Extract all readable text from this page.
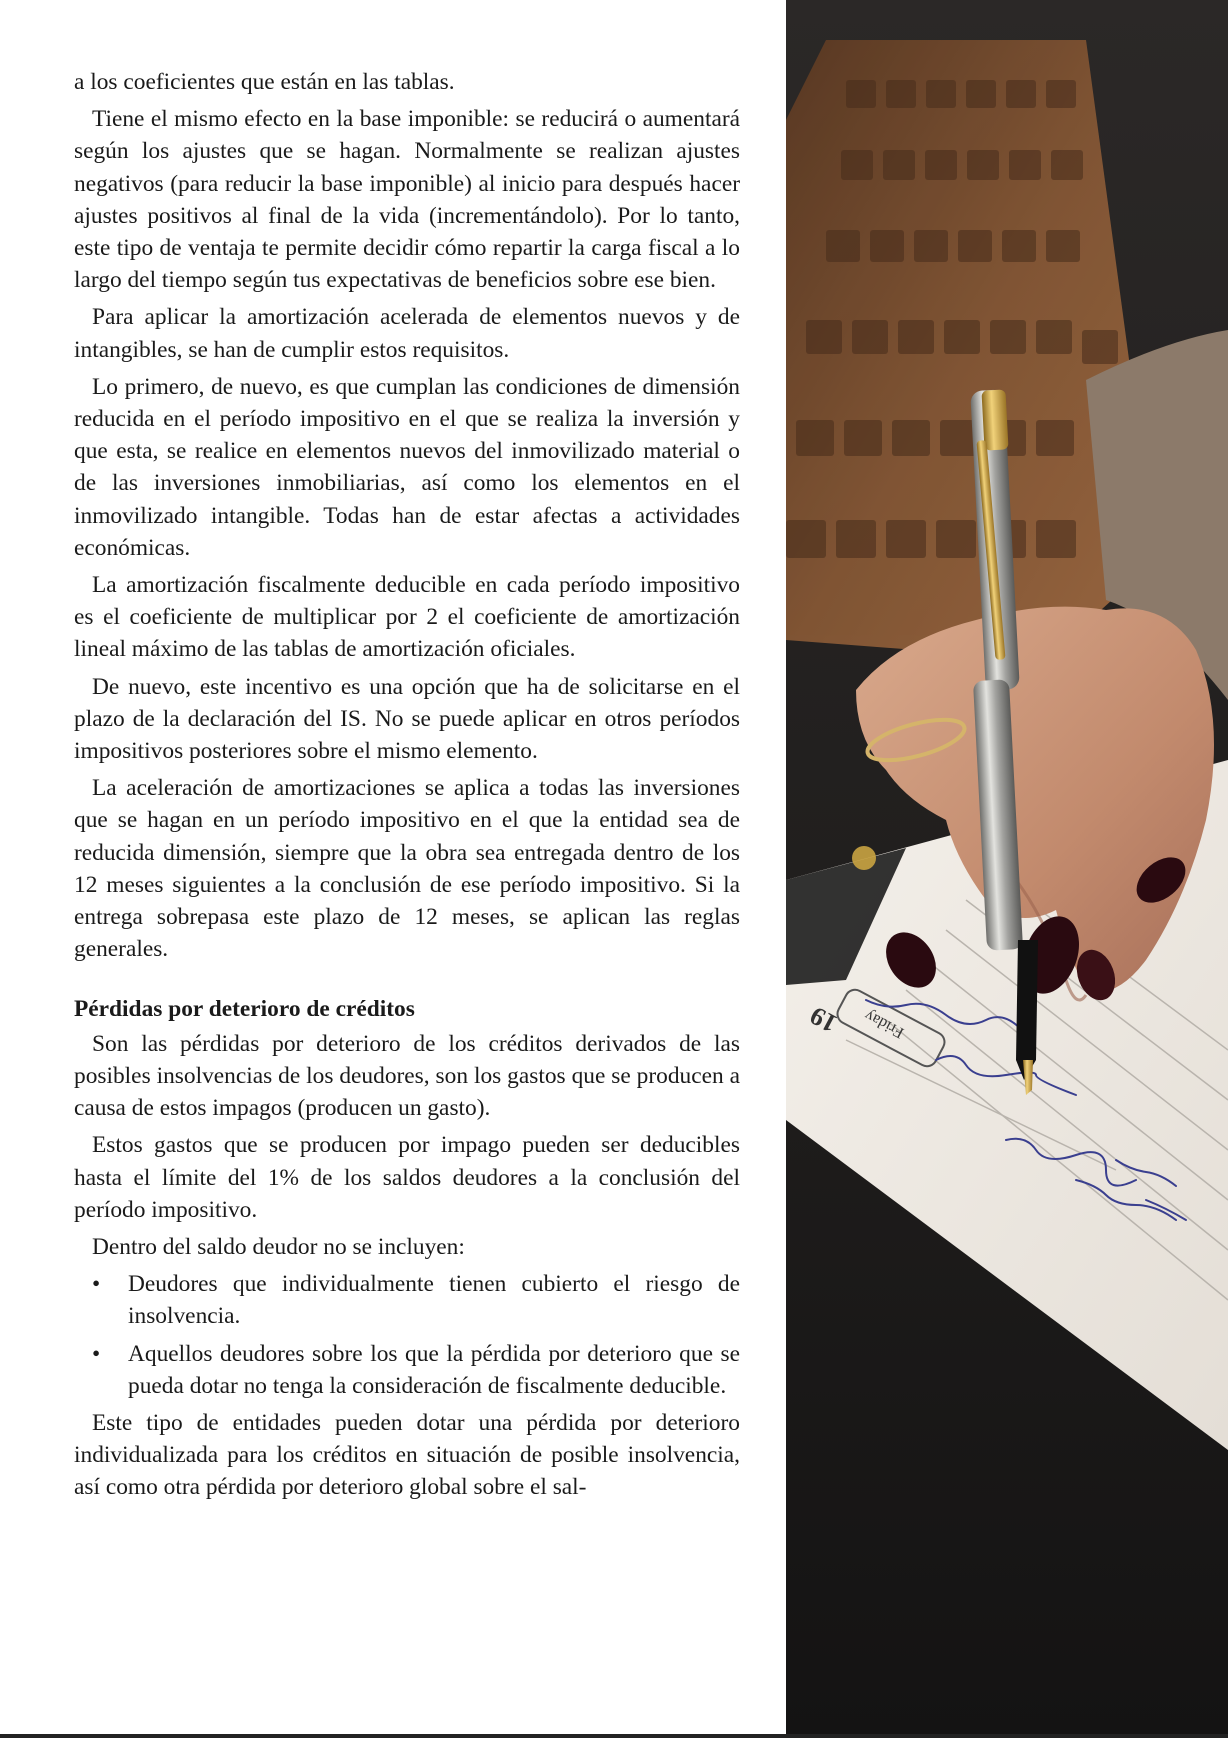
a los coeficientes que están en las tablas.

Tiene el mismo efecto en la base imponible: se reducirá o aumentará según los ajustes que se hagan. Normalmente se realizan ajustes negativos (para reducir la base imponible) al inicio para después hacer ajustes positivos al final de la vida (incrementándolo). Por lo tanto, este tipo de ventaja te permite decidir cómo repartir la carga fiscal a lo largo del tiempo según tus expectativas de beneficios sobre ese bien.

Para aplicar la amortización acelerada de elementos nuevos y de intangibles, se han de cumplir estos requisitos.

Lo primero, de nuevo, es que cumplan las condiciones de dimensión reducida en el período impositivo en el que se realiza la inversión y que esta, se realice en elementos nuevos del inmovilizado material o de las inversiones inmobiliarias, así como los elementos en el inmovilizado intangible. Todas han de estar afectas a actividades económicas.

La amortización fiscalmente deducible en cada período impositivo es el coeficiente de multiplicar por 2 el coeficiente de amortización lineal máximo de las tablas de amortización oficiales.

De nuevo, este incentivo es una opción que ha de solicitarse en el plazo de la declaración del IS. No se puede aplicar en otros períodos impositivos posteriores sobre el mismo elemento.

La aceleración de amortizaciones se aplica a todas las inversiones que se hagan en un período impositivo en el que la entidad sea de reducida dimensión, siempre que la obra sea entregada dentro de los 12 meses siguientes a la conclusión de ese período impositivo. Si la entrega sobrepasa este plazo de 12 meses, se aplican las reglas generales.

Pérdidas por deterioro de créditos

Son las pérdidas por deterioro de los créditos derivados de las posibles insolvencias de los deudores, son los gastos que se producen a causa de estos impagos (producen un gasto).

Estos gastos que se producen por impago pueden ser deducibles hasta el límite del 1% de los saldos deudores a la conclusión del período impositivo.

Dentro del saldo deudor no se incluyen:

•	Deudores que individualmente tienen cubierto el riesgo de insolvencia.
•	Aquellos deudores sobre los que la pérdida por deterioro que se pueda dotar no tenga la consideración de fiscalmente deducible.

Este tipo de entidades pueden dotar una pérdida por deterioro individualizada para los créditos en situación de posible insolvencia, así como otra pérdida por deterioro global sobre el sal-

Friday
19
